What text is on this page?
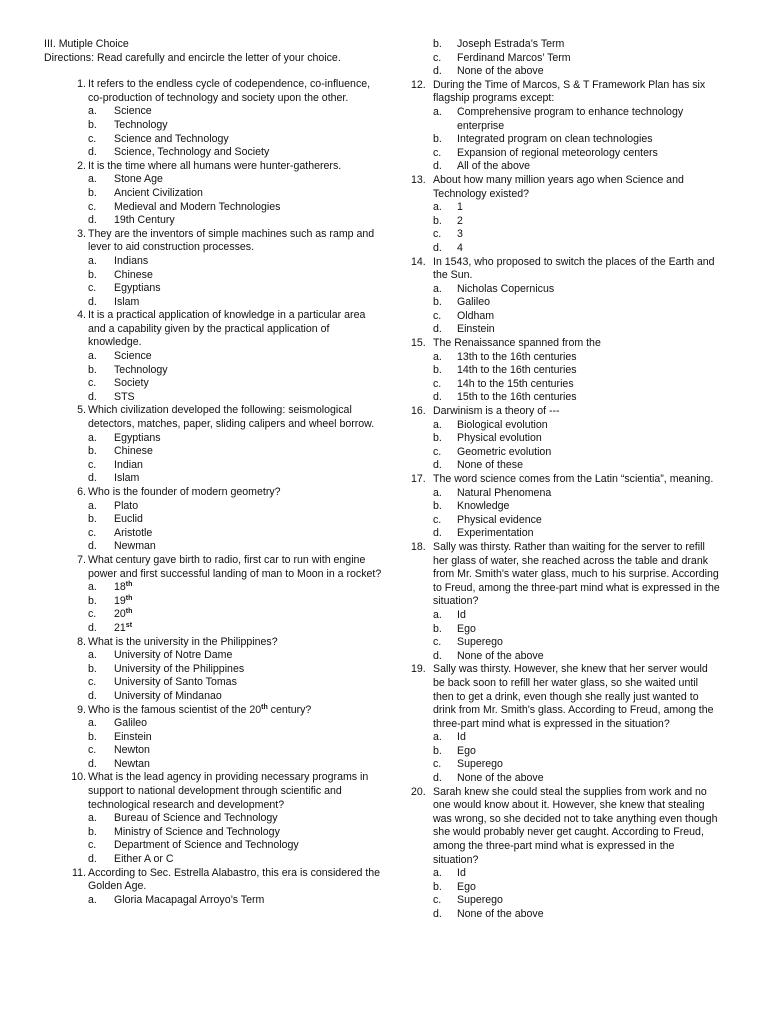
III. Mutiple Choice

Directions: Read carefully and encircle the letter of your choice.

1. It refers to the endless cycle of codependence, co-influence, co-production of technology and society upon the other.
a.	Science
b.	Technology
c.	Science and Technology
d.	Science, Technology and Society
2. It is the time where all humans were hunter-gatherers.
a.	Stone Age
b.	Ancient Civilization
c.	Medieval and Modern Technologies
d.	19th Century
3. They are the inventors of simple machines such as ramp and lever to aid construction processes.
a.	Indians
b.	Chinese
c.	Egyptians
d.	Islam
4. It is a practical application of knowledge in a particular area and a capability given by the practical application of knowledge.
a.	Science
b.	Technology
c.	Society
d.	STS
5. Which civilization developed the following: seismological detectors, matches, paper, sliding calipers and wheel borrow.
a.	Egyptians
b.	Chinese
c.	Indian
d.	Islam
6. Who is the founder of modern geometry?
a.	Plato
b.	Euclid
c.	Aristotle
d.	Newman
7. What century gave birth to radio, first car to run with engine power and first successful landing of man to Moon in a rocket?
a.	18th
b.	19th
c.	20th
d.	21st
8. What is the university in the Philippines?
a.	University of Notre Dame
b.	University of the Philippines
c.	University of Santo Tomas
d.	University of Mindanao
9. Who is the famous scientist of the 20th century?
a.	Galileo
b.	Einstein
c.	Newton
d.	Newtan
10. What is the lead agency in providing necessary programs in support to national development through scientific and technological research and development?
a.	Bureau of Science and Technology
b.	Ministry of Science and Technology
c.	Department of Science and Technology
d.	Either A or C
11. According to Sec. Estrella Alabastro, this era is considered the Golden Age.
a.	Gloria Macapagal Arroyo’s Term
b.	Joseph Estrada’s Term
c.	Ferdinand Marcos’ Term
d.	None of the above
12. During the Time of Marcos, S & T Framework Plan has six flagship programs except:
a.	Comprehensive program to enhance technology enterprise
b.	Integrated program on clean technologies
c.	Expansion of regional meteorology centers
d.	All of the above
13. About how many million years ago when Science and Technology existed?
a.	1
b.	2
c.	3
d.	4
14. In 1543, who proposed to switch the places of the Earth and the Sun.
a.	Nicholas Copernicus
b.	Galileo
c.	Oldham
d.	Einstein
15. The Renaissance spanned from the
a.	13th to the 16th centuries
b.	14th to the 16th centuries
c.	14h to the 15th centuries
d.	15th to the 16th centuries
16. Darwinism is a theory of ---
a.	Biological evolution
b.	Physical evolution
c.	Geometric evolution
d.	None of these
17. The word science comes from the Latin “scientia”, meaning.
a.	Natural Phenomena
b.	Knowledge
c.	Physical evidence
d.	Experimentation
18. Sally was thirsty. Rather than waiting for the server to refill her glass of water, she reached across the table and drank from Mr. Smith's water glass, much to his surprise. According to Freud, among the three-part mind what is expressed in the situation?
a.	Id
b.	Ego
c.	Superego
d.	None of the above
19. Sally was thirsty. However, she knew that her server would be back soon to refill her water glass, so she waited until then to get a drink, even though she really just wanted to drink from Mr. Smith's glass. According to Freud, among the three-part mind what is expressed in the situation?
a.	Id
b.	Ego
c.	Superego
d.	None of the above
20. Sarah knew she could steal the supplies from work and no one would know about it. However, she knew that stealing was wrong, so she decided not to take anything even though she would probably never get caught. According to Freud, among the three-part mind what is expressed in the situation?
a.	Id
b.	Ego
c.	Superego
d.	None of the above
